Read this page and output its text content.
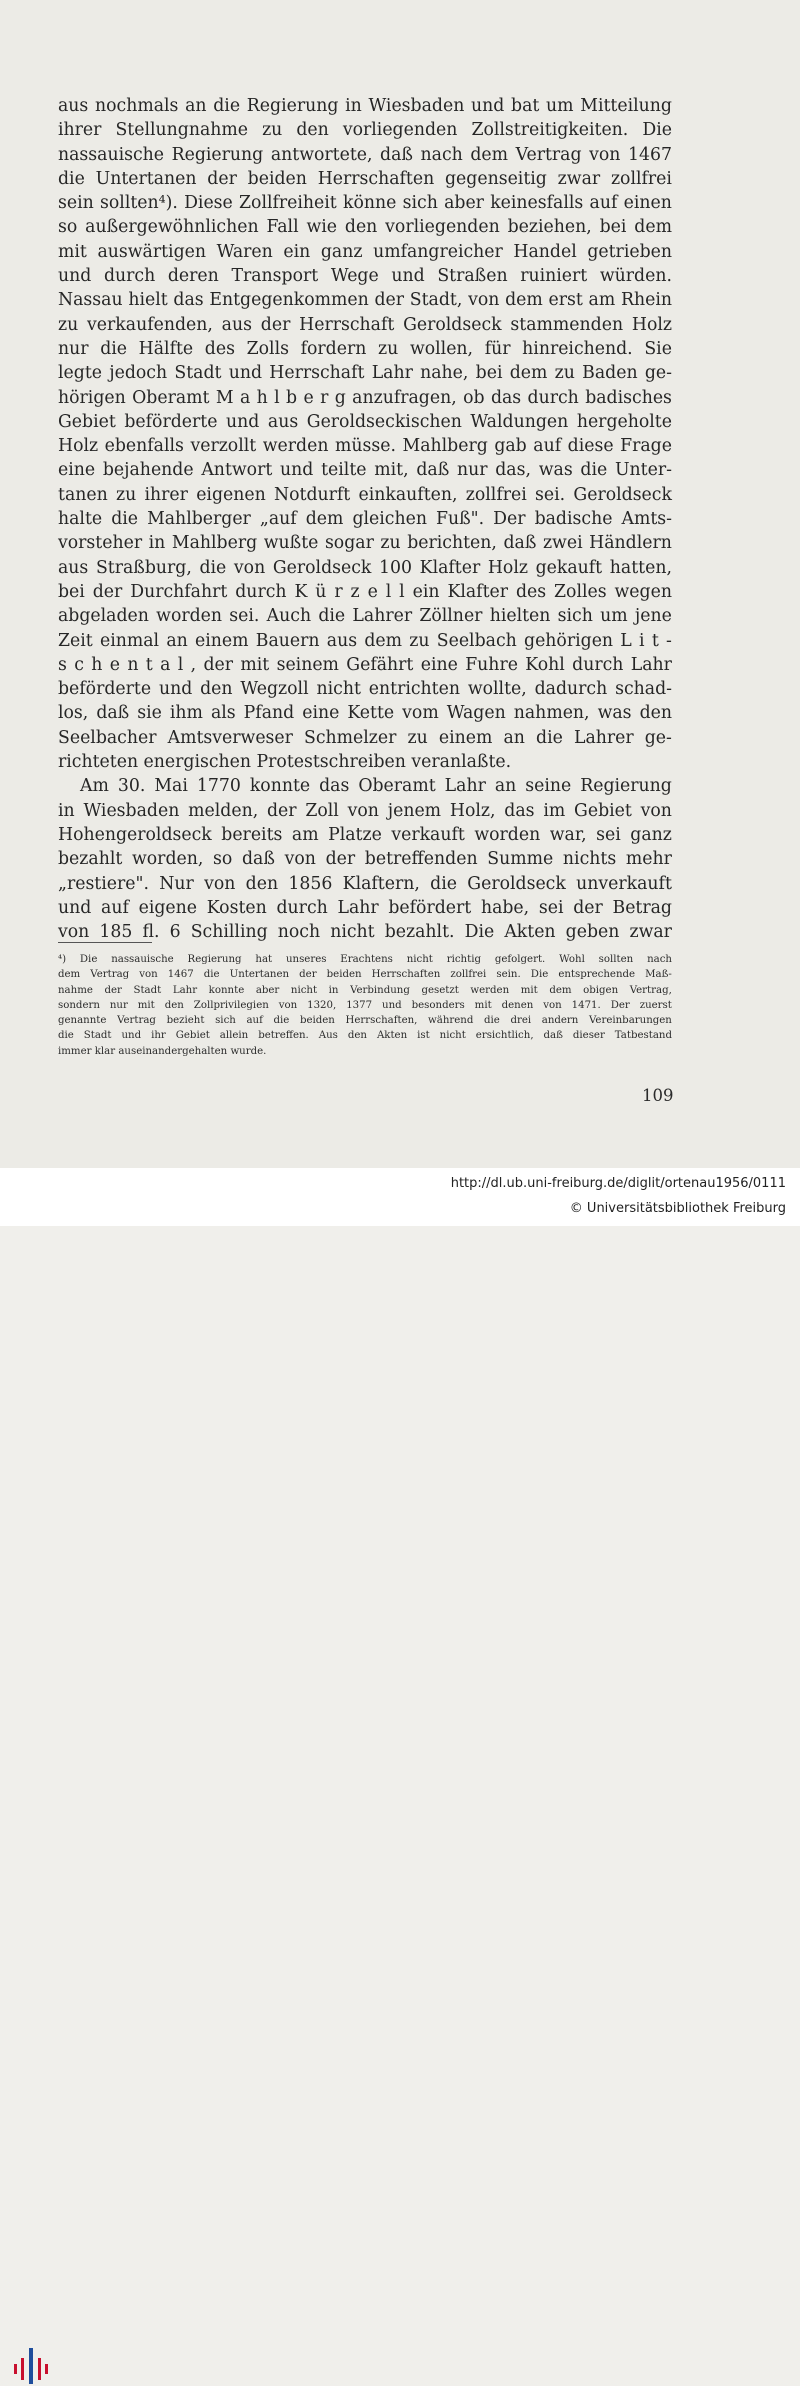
aus nochmals an die Regierung in Wiesbaden und bat um Mitteilung
ihrer Stellungnahme zu den vorliegenden Zollstreitigkeiten. Die
nassauische Regierung antwortete, daß nach dem Vertrag von 1467
die Untertanen der beiden Herrschaften gegenseitig zwar zollfrei
sein sollten⁴). Diese Zollfreiheit könne sich aber keinesfalls auf einen
so außergewöhnlichen Fall wie den vorliegenden beziehen, bei dem
mit auswärtigen Waren ein ganz umfangreicher Handel getrieben
und durch deren Transport Wege und Straßen ruiniert würden.
Nassau hielt das Entgegenkommen der Stadt, von dem erst am Rhein
zu verkaufenden, aus der Herrschaft Geroldseck stammenden Holz
nur die Hälfte des Zolls fordern zu wollen, für hinreichend. Sie
legte jedoch Stadt und Herrschaft Lahr nahe, bei dem zu Baden ge-
hörigen Oberamt M a h l b e r g anzufragen, ob das durch badisches
Gebiet beförderte und aus Geroldseckischen Waldungen hergeholte
Holz ebenfalls verzollt werden müsse. Mahlberg gab auf diese Frage
eine bejahende Antwort und teilte mit, daß nur das, was die Unter-
tanen zu ihrer eigenen Notdurft einkauften, zollfrei sei. Geroldseck
halte die Mahlberger „auf dem gleichen Fuß". Der badische Amts-
vorsteher in Mahlberg wußte sogar zu berichten, daß zwei Händlern
aus Straßburg, die von Geroldseck 100 Klafter Holz gekauft hatten,
bei der Durchfahrt durch K ü r z e l l ein Klafter des Zolles wegen
abgeladen worden sei. Auch die Lahrer Zöllner hielten sich um jene
Zeit einmal an einem Bauern aus dem zu Seelbach gehörigen L i t -
s c h e n t a l , der mit seinem Gefährt eine Fuhre Kohl durch Lahr
beförderte und den Wegzoll nicht entrichten wollte, dadurch schad-
los, daß sie ihm als Pfand eine Kette vom Wagen nahmen, was den
Seelbacher Amtsverweser Schmelzer zu einem an die Lahrer ge-
richteten energischen Protestschreiben veranlaßte.
Am 30. Mai 1770 konnte das Oberamt Lahr an seine Regierung
in Wiesbaden melden, der Zoll von jenem Holz, das im Gebiet von
Hohengeroldseck bereits am Platze verkauft worden war, sei ganz
bezahlt worden, so daß von der betreffenden Summe nichts mehr
„restiere". Nur von den 1856 Klaftern, die Geroldseck unverkauft
und auf eigene Kosten durch Lahr befördert habe, sei der Betrag
von 185 fl. 6 Schilling noch nicht bezahlt. Die Akten geben zwar
⁴) Die nassauische Regierung hat unseres Erachtens nicht richtig gefolgert. Wohl sollten nach
dem Vertrag von 1467 die Untertanen der beiden Herrschaften zollfrei sein. Die entsprechende Maß-
nahme der Stadt Lahr konnte aber nicht in Verbindung gesetzt werden mit dem obigen Vertrag,
sondern nur mit den Zollprivilegien von 1320, 1377 und besonders mit denen von 1471. Der zuerst
genannte Vertrag bezieht sich auf die beiden Herrschaften, während die drei andern Vereinbarungen
die Stadt und ihr Gebiet allein betreffen. Aus den Akten ist nicht ersichtlich, daß dieser Tatbestand
immer klar auseinandergehalten wurde.
109
http://dl.ub.uni-freiburg.de/diglit/ortenau1956/0111
© Universitätsbibliothek Freiburg
